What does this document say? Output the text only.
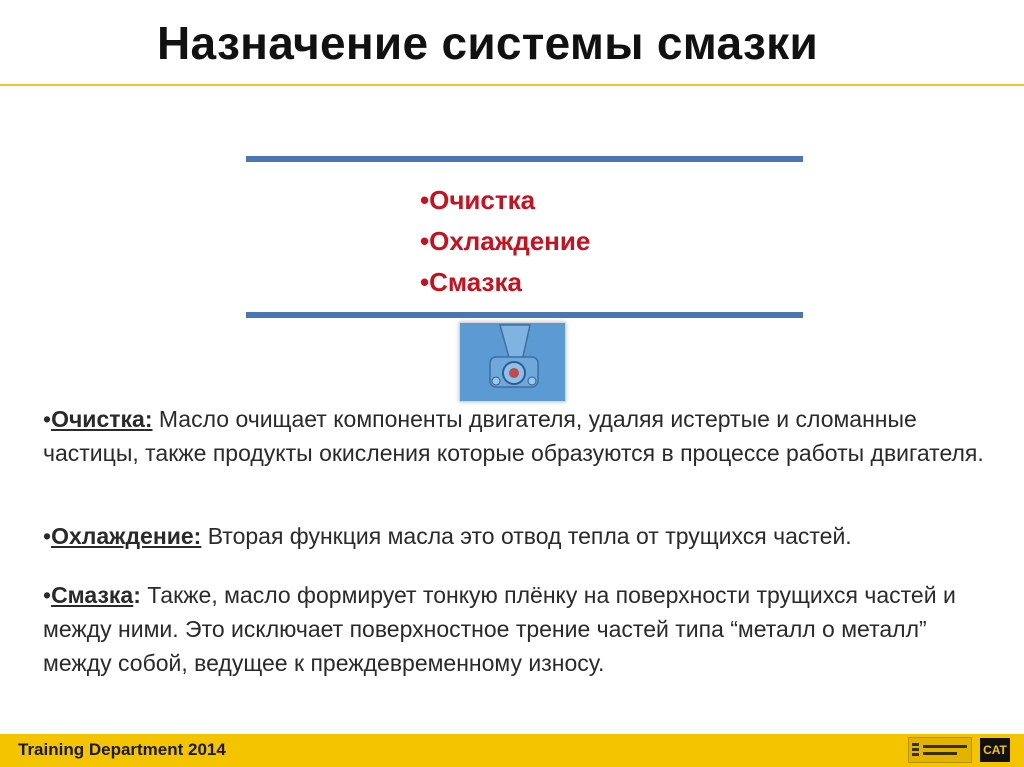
Назначение системы смазки
•Очистка
•Охлаждение
•Смазка
•Очистка: Масло очищает компоненты двигателя, удаляя истертые и сломанные частицы, также продукты окисления которые образуются в процессе работы двигателя.
•Охлаждение: Вторая функция масла это отвод тепла от трущихся частей.
•Смазка: Также, масло формирует тонкую плёнку на поверхности трущихся частей и между ними. Это исключает поверхностное трение частей типа “металл о металл” между собой, ведущее к преждевременному износу.
Training Department 2014	CAT
